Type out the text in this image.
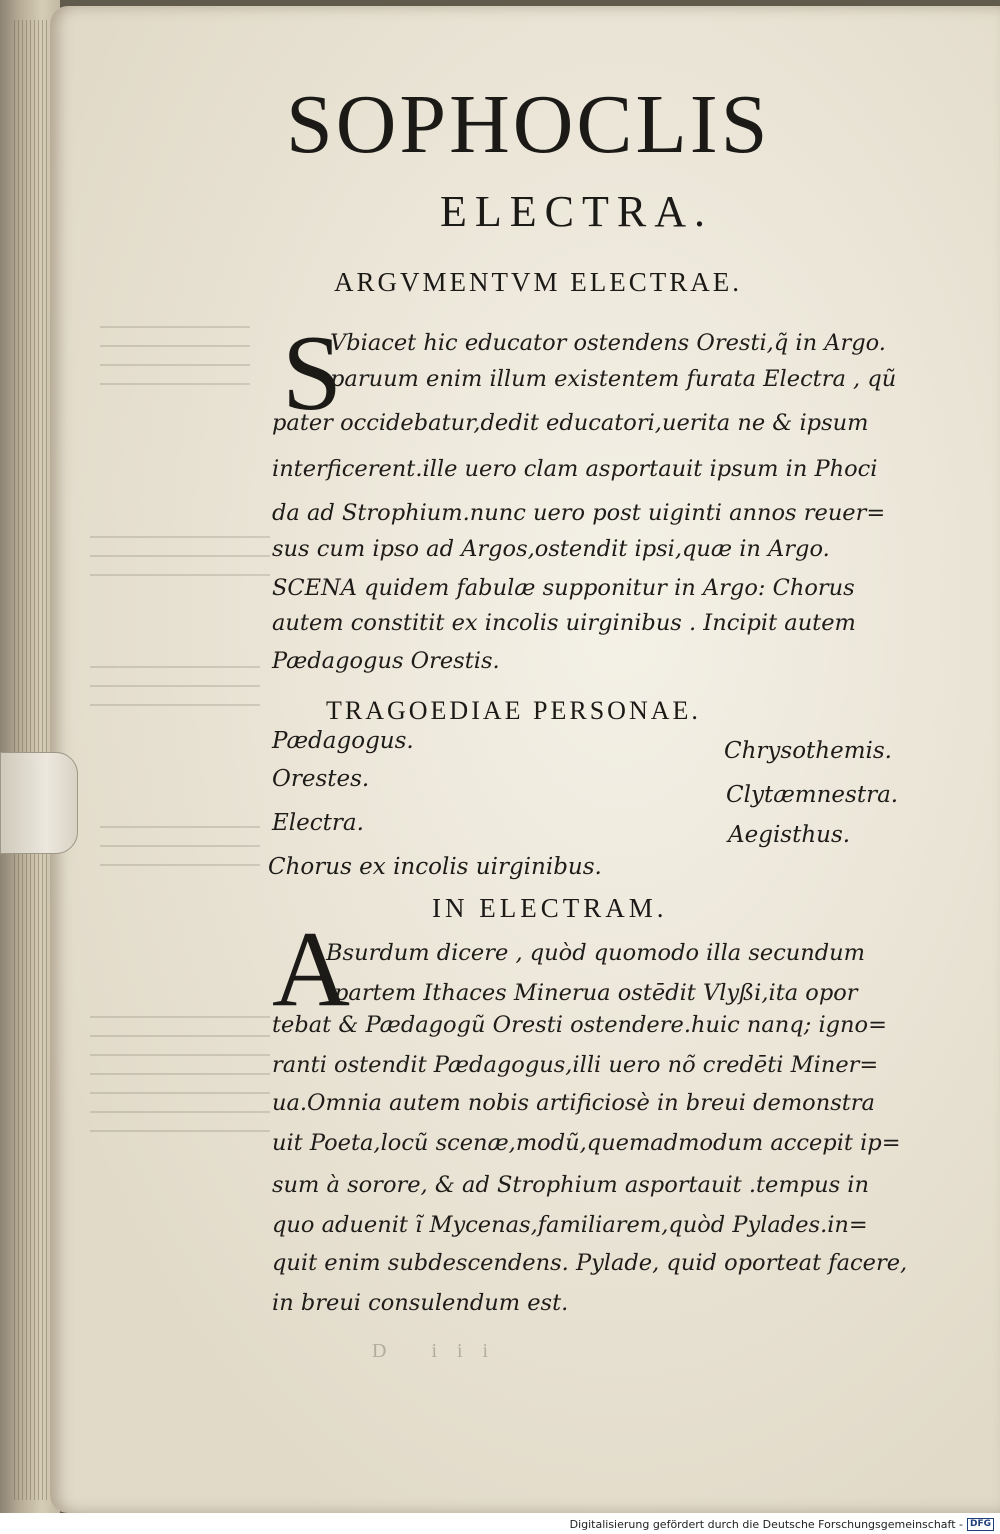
SOPHOCLIS
ELECTRA.
ARGVMENTVM ELECTRAE.
S
Vbiacet hic educator ostendens Oresti,q̃ in Argo.
paruum enim illum existentem furata Electra , qũ
pater occidebatur,dedit educatori,uerita ne & ipsum
interficerent.ille uero clam asportauit ipsum in Phoci
da ad Strophium.nunc uero post uiginti annos reuer=
sus cum ipso ad Argos,ostendit ipsi,quæ in Argo.
SCENA quidem fabulæ supponitur in Argo: Chorus
autem constitit ex incolis uirginibus . Incipit autem
Pædagogus Orestis.
TRAGOEDIAE PERSONAE.
Pædagogus.
Orestes.
Electra.
Chorus ex incolis uirginibus.
Chrysothemis.
Clytæmnestra.
Aegisthus.
IN ELECTRAM.
A
Bsurdum dicere , quòd quomodo illa secundum
partem Ithaces Minerua ostēdit Vlyßi,ita opor
tebat & Pædagogũ Oresti ostendere.huic nanq; igno=
ranti ostendit Pædagogus,illi uero nõ credēti Miner=
ua.Omnia autem nobis artificiosè in breui demonstra
uit Poeta,locũ scenæ,modũ,quemadmodum accepit ip=
sum à sorore, & ad Strophium asportauit .tempus in
quo aduenit ĩ Mycenas,familiarem,quòd Pylades.in=
quit enim subdescendens. Pylade, quid oporteat facere,
in breui consulendum est.
D iii
Digitalisierung gefördert durch die Deutsche Forschungsgemeinschaft - DFG
